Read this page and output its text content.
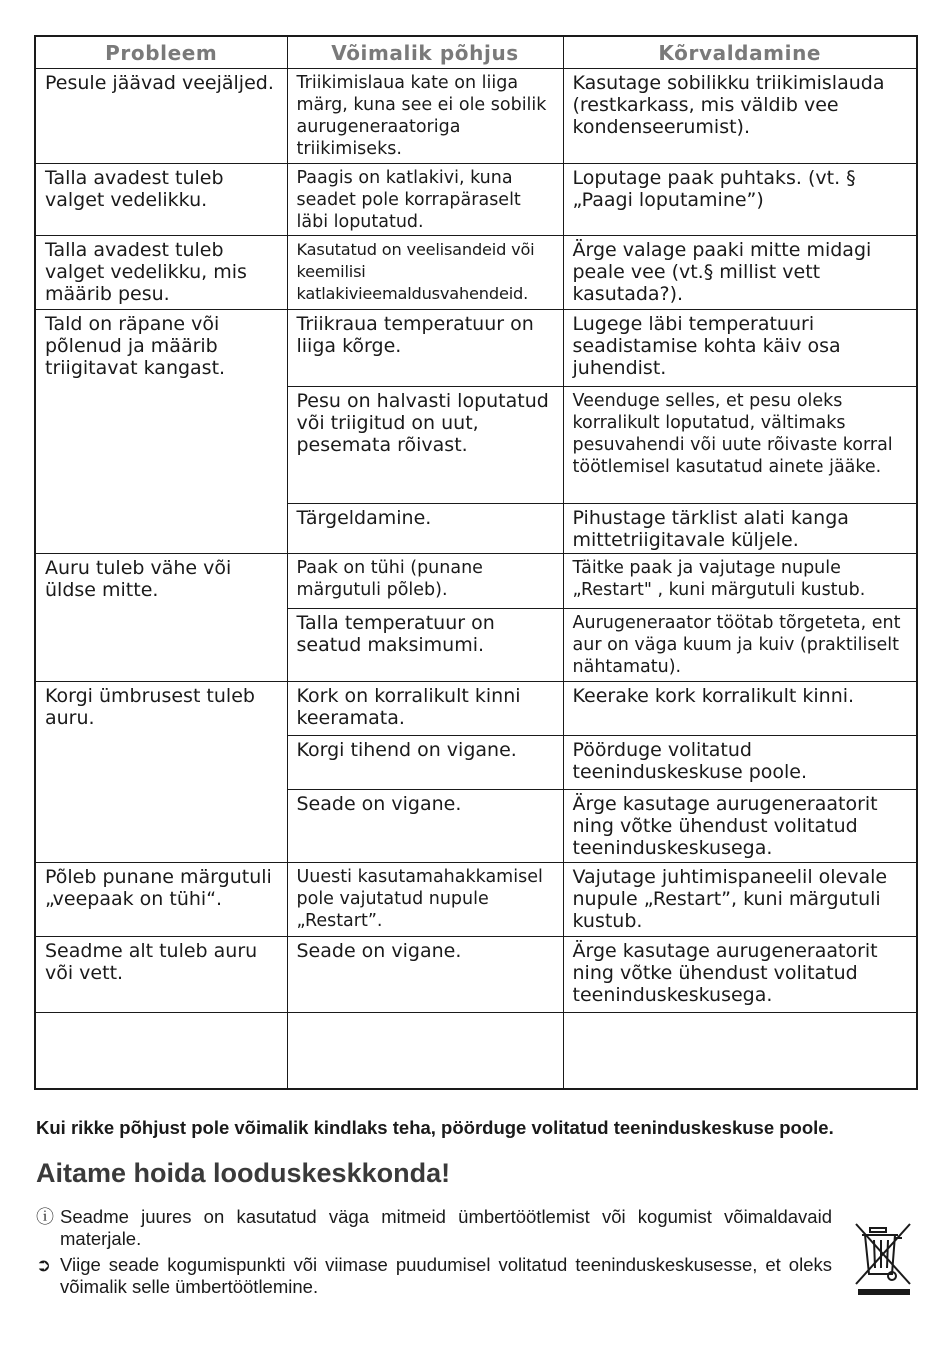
Probleem	Võimalik põhjus	Kõrvaldamine
Pesule jäävad veejäljed.	Triikimislaua kate on liiga märg, kuna see ei ole sobilik aurugeneraatoriga triikimiseks.	Kasutage sobilikku triikimislauda (restkarkass, mis väldib vee kondenseerumist).
Talla avadest tuleb valget vedelikku.	Paagis on katlakivi, kuna seadet pole korrapäraselt läbi loputatud.	Loputage paak puhtaks. (vt. § „Paagi loputamine”)
Talla avadest tuleb valget vedelikku, mis määrib pesu.	Kasutatud on veelisandeid või keemilisi katlakivieemaldusvahendeid.	Ärge valage paaki mitte midagi peale vee (vt.§ millist vett kasutada?).
Tald on räpane või põlenud ja määrib triigitavat kangast.	Triikraua temperatuur on liiga kõrge.	Lugege läbi temperatuuri seadistamise kohta käiv osa juhendist.
	Pesu on halvasti loputatud või triigitud on uut, pesemata rõivast.	Veenduge selles, et pesu oleks korralikult loputatud, vältimaks pesuvahendi või uute rõivaste korral töötlemisel kasutatud ainete jääke.
	Tärgeldamine.	Pihustage tärklist alati kanga mittetriigitavale küljele.
Auru tuleb vähe või üldse mitte.	Paak on tühi (punane märgutuli põleb).	Täitke paak ja vajutage nupule „Restart" , kuni märgutuli kustub.
	Talla temperatuur on seatud maksimumi.	Aurugeneraator töötab tõrgeteta, ent aur on väga kuum ja kuiv (praktiliselt nähtamatu).
Korgi ümbrusest tuleb auru.	Kork on korralikult kinni keeramata.	Keerake kork korralikult kinni.
	Korgi tihend on vigane.	Pöörduge volitatud teeninduskeskuse poole.
	Seade on vigane.	Ärge kasutage aurugeneraatorit ning võtke ühendust volitatud teeninduskeskusega.
Põleb punane märgutuli „veepaak on tühi“.	Uuesti kasutamahakkamisel pole vajutatud nupule „Restart”.	Vajutage juhtimispaneelil olevale nupule „Restart”, kuni märgutuli kustub.
Seadme alt tuleb auru või vett.	Seade on vigane.	Ärge kasutage aurugeneraatorit ning võtke ühendust volitatud teeninduskeskusega.

Kui rikke põhjust pole võimalik kindlaks teha, pöörduge volitatud teeninduskeskuse poole.
Aitame hoida looduskeskkonda!
ⓘ Seadme juures on kasutatud väga mitmeid ümbertöötlemist või kogumist võimaldavaid materjale.
➲ Viige seade kogumispunkti või viimase puudumisel volitatud teeninduskeskusesse, et oleks võimalik selle ümbertöötlemine.
